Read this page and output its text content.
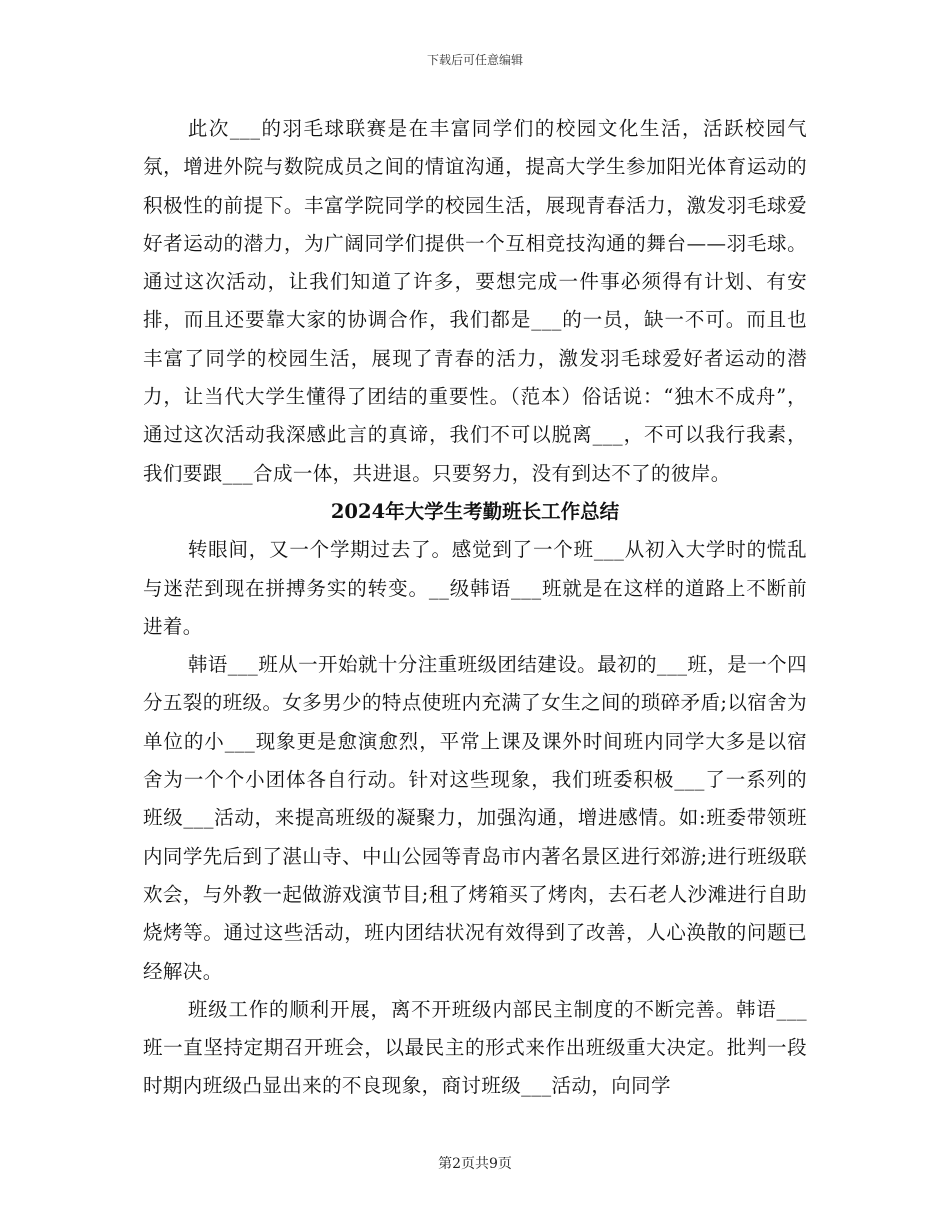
下载后可任意编辑

此次___的羽毛球联赛是在丰富同学们的校园文化生活，活跃校园气氛，增进外院与数院成员之间的情谊沟通，提高大学生参加阳光体育运动的积极性的前提下。丰富学院同学的校园生活，展现青春活力，激发羽毛球爱好者运动的潜力，为广阔同学们提供一个互相竞技沟通的舞台——羽毛球。通过这次活动，让我们知道了许多，要想完成一件事必须得有计划、有安排，而且还要靠大家的协调合作，我们都是___的一员，缺一不可。而且也丰富了同学的校园生活，展现了青春的活力，激发羽毛球爱好者运动的潜力，让当代大学生懂得了团结的重要性。（范本）俗话说：“独木不成舟”，通过这次活动我深感此言的真谛，我们不可以脱离___，不可以我行我素，我们要跟___合成一体，共进退。只要努力，没有到达不了的彼岸。

2024年大学生考勤班长工作总结

转眼间，又一个学期过去了。感觉到了一个班___从初入大学时的慌乱与迷茫到现在拼搏务实的转变。__级韩语___班就是在这样的道路上不断前进着。

韩语___班从一开始就十分注重班级团结建设。最初的___班，是一个四分五裂的班级。女多男少的特点使班内充满了女生之间的琐碎矛盾;以宿舍为单位的小___现象更是愈演愈烈，平常上课及课外时间班内同学大多是以宿舍为一个个小团体各自行动。针对这些现象，我们班委积极___了一系列的班级___活动，来提高班级的凝聚力，加强沟通，增进感情。如:班委带领班内同学先后到了湛山寺、中山公园等青岛市内著名景区进行郊游;进行班级联欢会，与外教一起做游戏演节目;租了烤箱买了烤肉，去石老人沙滩进行自助烧烤等。通过这些活动，班内团结状况有效得到了改善，人心涣散的问题已经解决。

班级工作的顺利开展，离不开班级内部民主制度的不断完善。韩语___班一直坚持定期召开班会，以最民主的形式来作出班级重大决定。批判一段时期内班级凸显出来的不良现象，商讨班级___活动，向同学

第2页共9页
